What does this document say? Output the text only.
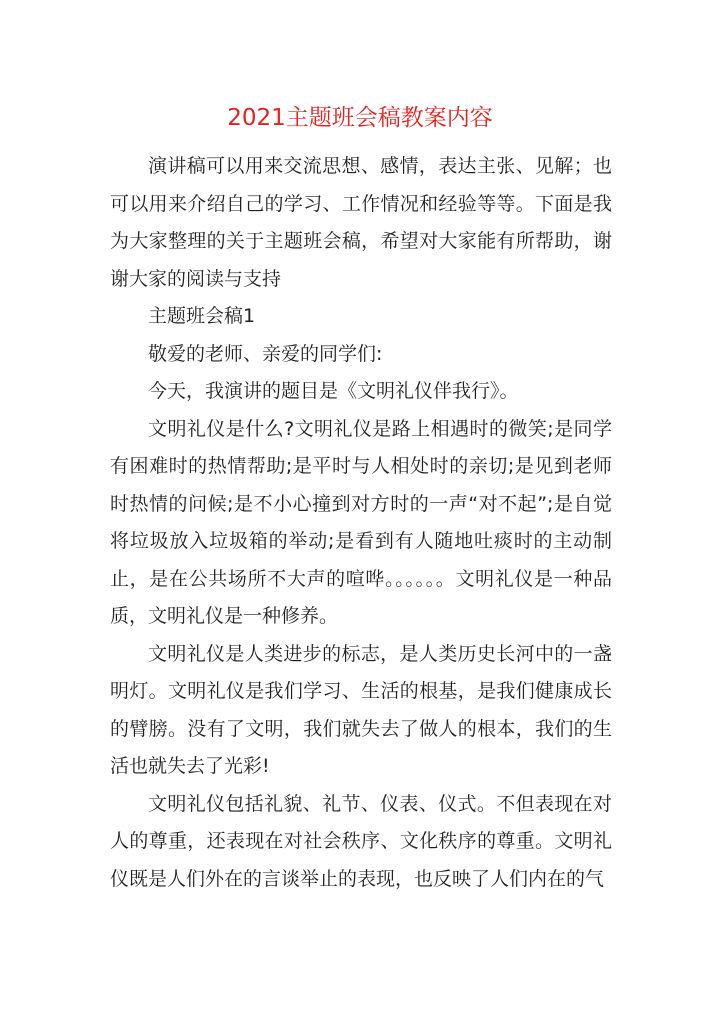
2021主题班会稿教案内容

演讲稿可以用来交流思想、感情，表达主张、见解；也可以用来介绍自己的学习、工作情况和经验等等。下面是我为大家整理的关于主题班会稿，希望对大家能有所帮助，谢谢大家的阅读与支持

主题班会稿1

敬爱的老师、亲爱的同学们:

今天，我演讲的题目是《文明礼仪伴我行》。

文明礼仪是什么?文明礼仪是路上相遇时的微笑;是同学有困难时的热情帮助;是平时与人相处时的亲切;是见到老师时热情的问候;是不小心撞到对方时的一声“对不起”;是自觉将垃圾放入垃圾箱的举动;是看到有人随地吐痰时的主动制止，是在公共场所不大声的喧哗。。。。。。文明礼仪是一种品质，文明礼仪是一种修养。

文明礼仪是人类进步的标志，是人类历史长河中的一盏明灯。文明礼仪是我们学习、生活的根基，是我们健康成长的臂膀。没有了文明，我们就失去了做人的根本，我们的生活也就失去了光彩!

文明礼仪包括礼貌、礼节、仪表、仪式。不但表现在对人的尊重，还表现在对社会秩序、文化秩序的尊重。文明礼仪既是人们外在的言谈举止的表现，也反映了人们内在的气
